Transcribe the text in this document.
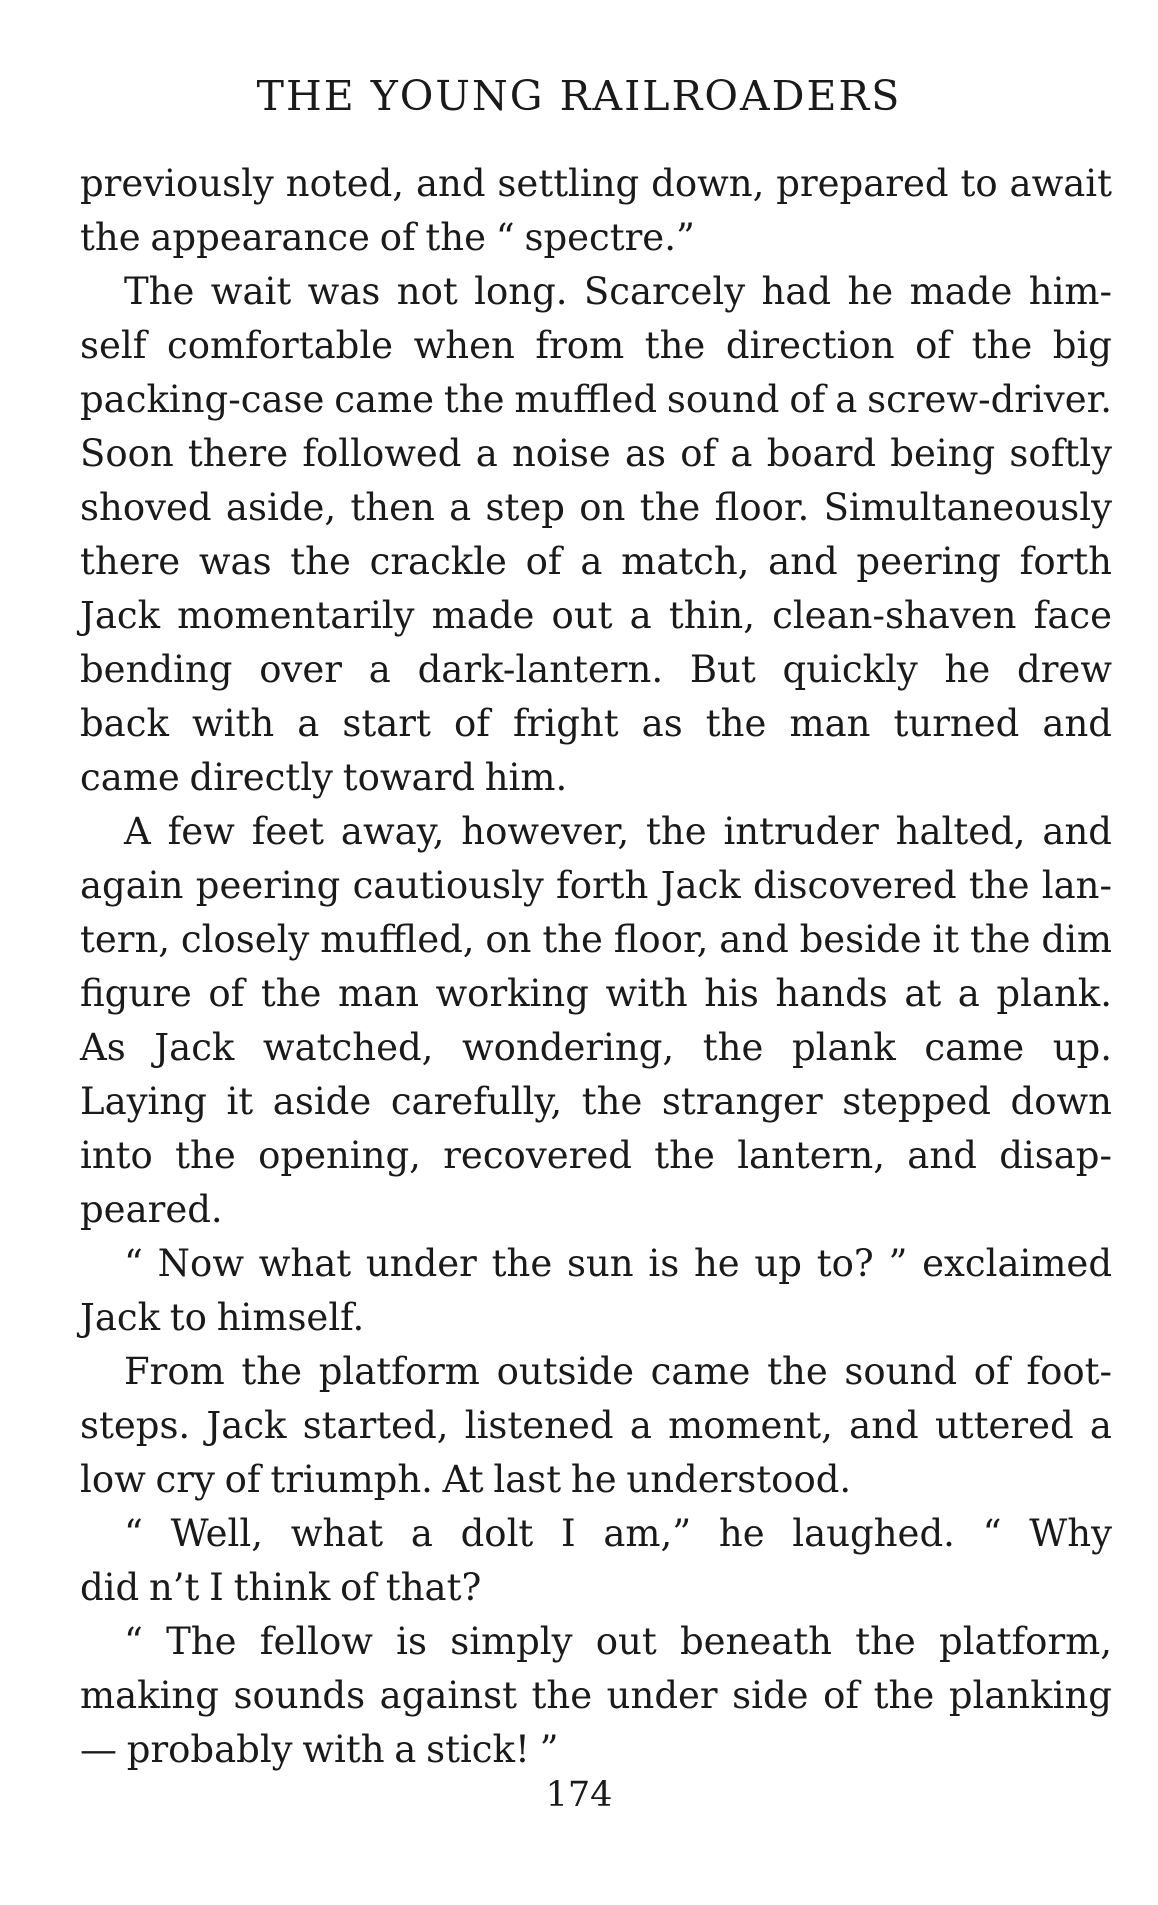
THE YOUNG RAILROADERS
previously noted, and settling down, prepared to await
the appearance of the “ spectre.”
The wait was not long. Scarcely had he made him-
self comfortable when from the direction of the big
packing-case came the muffled sound of a screw-driver.
Soon there followed a noise as of a board being softly
shoved aside, then a step on the floor. Simultaneously
there was the crackle of a match, and peering forth
Jack momentarily made out a thin, clean-shaven face
bending over a dark-lantern. But quickly he drew
back with a start of fright as the man turned and
came directly toward him.
A few feet away, however, the intruder halted, and
again peering cautiously forth Jack discovered the lan-
tern, closely muffled, on the floor, and beside it the dim
figure of the man working with his hands at a plank.
As Jack watched, wondering, the plank came up.
Laying it aside carefully, the stranger stepped down
into the opening, recovered the lantern, and disap-
peared.
“ Now what under the sun is he up to? ” exclaimed
Jack to himself.
From the platform outside came the sound of foot-
steps. Jack started, listened a moment, and uttered a
low cry of triumph. At last he understood.
“ Well, what a dolt I am,” he laughed. “ Why
did n’t I think of that?
“ The fellow is simply out beneath the platform,
making sounds against the under side of the planking
— probably with a stick! ”
174
